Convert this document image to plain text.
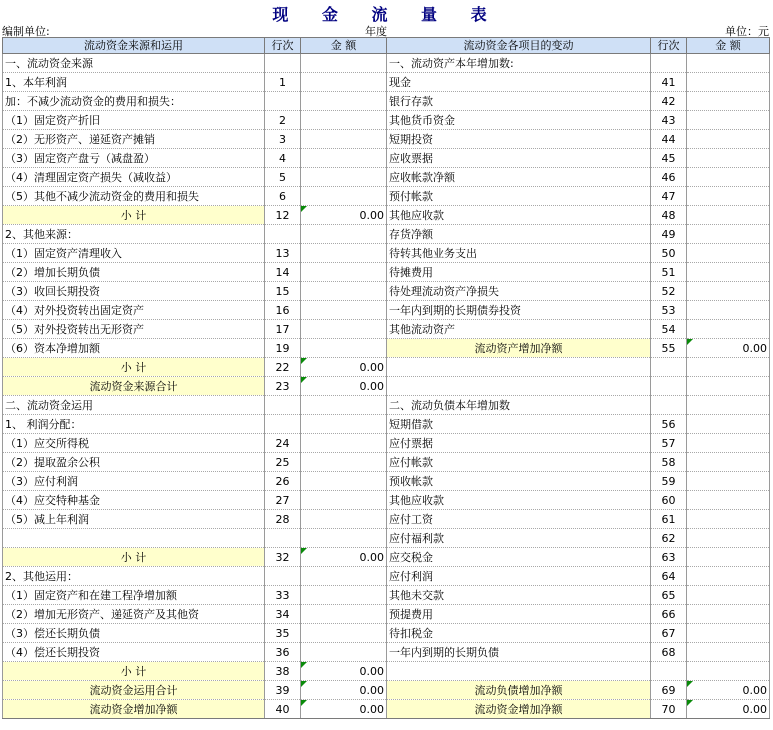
现 金 流 量 表
编制单位:	年度	单位：元
流动资金来源和运用	行次	金 额	流动资金各项目的变动	行次	金 额
一、流动资金来源			一、流动资产本年增加数:		
1、本年利润	1		现金	41	
加：不减少流动资金的费用和损失：			银行存款	42	
（1）固定资产折旧	2		其他货币资金	43	
（2）无形资产、递延资产摊销	3		短期投资	44	
（3）固定资产盘亏（减盘盈）	4		应收票据	45	
（4）清理固定资产损失（减收益）	5		应收帐款净额	46	
（5）其他不减少流动资金的费用和损失	6		预付帐款	47	
小 计	12	0.00	其他应收款	48	
2、其他来源：			存货净额	49	
（1）固定资产清理收入	13		待转其他业务支出	50	
（2）增加长期负债	14		待摊费用	51	
（3）收回长期投资	15		待处理流动资产净损失	52	
（4）对外投资转出固定资产	16		一年内到期的长期债券投资	53	
（5）对外投资转出无形资产	17		其他流动资产	54	
（6）资本净增加额	19		流动资产增加净额	55	0.00
小 计	22	0.00			
流动资金来源合计	23	0.00			
二、流动资金运用			二、流动负债本年增加数		
1、 利润分配：			短期借款	56	
（1）应交所得税	24		应付票据	57	
（2）提取盈余公积	25		应付帐款	58	
（3）应付利润	26		预收帐款	59	
（4）应交特种基金	27		其他应收款	60	
（5）减上年利润	28		应付工资	61	
			应付福利款	62	
小 计	32	0.00	应交税金	63	
2、其他运用：			应付利润	64	
（1）固定资产和在建工程净增加额	33		其他未交款	65	
（2）增加无形资产、递延资产及其他资	34		预提费用	66	
（3）偿还长期负债	35		待扣税金	67	
（4）偿还长期投资	36		一年内到期的长期负债	68	
小 计	38	0.00			
流动资金运用合计	39	0.00	流动负债增加净额	69	0.00
流动资金增加净额	40	0.00	流动资金增加净额	70	0.00
